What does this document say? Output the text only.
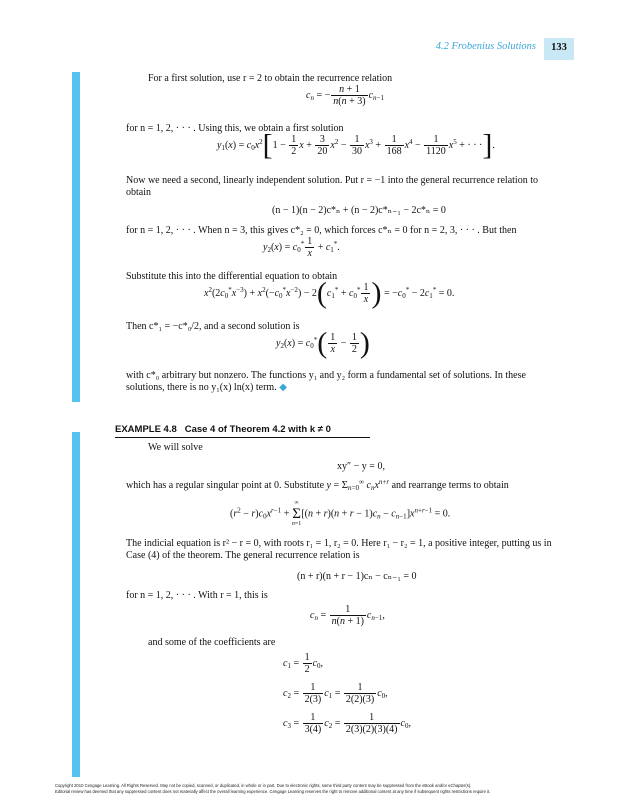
4.2 Frobenius Solutions	133
For a first solution, use r = 2 to obtain the recurrence relation
$c_n$ = − $\frac{n + 1}{n(n + 3)} c_{n-1}$
for n = 1, 2, · · · . Using this, we obtain a first solution
$y_1(x) = c_0x^2[1 - \frac{1}{2}$ $x + \frac{3}{20} x^2 - \frac{1}{30} x^3 + \frac{1}{168} x^4 - \frac{1}{1120} x^5$ + · · ·].
Now we need a second, linearly independent solution. Put r = −1 into the general recurrence relation to obtain
(n − 1)(n − 2)c*ₙ + (n − 2)c*ₙ₋₁ − 2c*ₙ = 0
for n = 1, 2, · · · . When n = 3, this gives c*₂ = 0, which forces c*ₙ = 0 for n = 2, 3, · · · . But then
$y_2(x) = c_0^* \frac{1}{x} + c_1^*$.
Substitute this into the differential equation to obtain
$x^2(2c_0^*x^{-3}) + x^2(-c_0^*x^{-2}) - 2(c_1^* + c_0^* \frac{1}{x}$ ) = $-c_0^* - 2c_1^* = 0$.
Then c*₁ = −c*₀/2, and a second solution is
$y_2(x) = c_0^*( \frac{1}{x} - \frac{1}{2}$ )
with c*₀ arbitrary but nonzero. The functions y₁ and y₂ form a fundamental set of solutions. In these solutions, there is no y₁(x) ln(x) term. ◆
EXAMPLE 4.8 Case 4 of Theorem 4.2 with k ≠ 0
We will solve
xy″ − y = 0,
which has a regular singular point at 0. Substitute $y = \Sigma_{n=0}^\infty$ $c_nx^{n+r}$ and rearrange terms to obtain
$(r^2 - r)c_0x^{r-1}$ +
∞
Σ
n=1
$[(n + r)(n + r - 1)c_n - c_{n-1}]x^{n+r-1} = 0$.
The indicial equation is r² − r = 0, with roots r₁ = 1, r₂ = 0. Here r₁ − r₂ = 1, a positive integer, putting us in Case (4) of the theorem. The general recurrence relation is
(n + r)(n + r − 1)cₙ − cₙ₋₁ = 0
for n = 1, 2, · · · . With r = 1, this is
$c_n = \frac{1}{n(n + 1)} c_{n-1}$,
and some of the coefficients are
$c_1 = \frac{1}{2} c_0$,
$c_2 = \frac{1}{2(3)} c_1 = \frac{1}{2(2)(3)} c_0$,
$c_3 = \frac{1}{3(4)} c_2 = \frac{1}{2(3)(2)(3)(4)} c_0$,
Copyright 2010 Cengage Learning. All Rights Reserved. May not be copied, scanned, or duplicated, in whole or in part. Due to electronic rights, some third party content may be suppressed from the eBook and/or eChapter(s).
Editorial review has deemed that any suppressed content does not materially affect the overall learning experience. Cengage Learning reserves the right to remove additional content at any time if subsequent rights restrictions require it.
